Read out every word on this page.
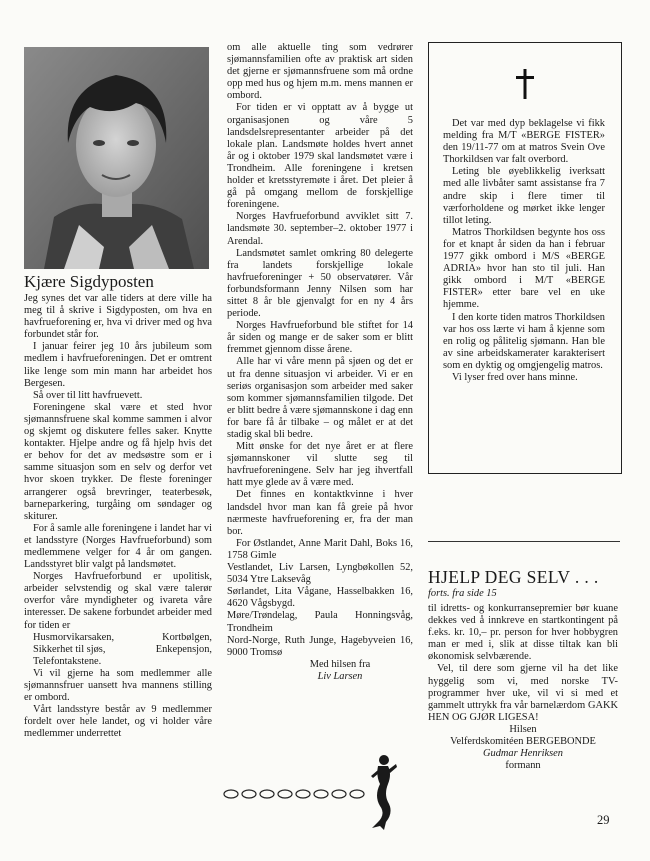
Kjære Sigdyposten

Jeg synes det var alle tiders at dere ville ha meg til å skrive i Sigdyposten, om hva en havfrueforening er, hva vi driver med og hva forbundet står for.

I januar feirer jeg 10 års jubileum som medlem i havfrueforeningen. Det er omtrent like lenge som min mann har arbeidet hos Bergesen.

Så over til litt havfruevett.

Foreningene skal være et sted hvor sjømannsfruene skal komme sammen i alvor og skjemt og diskutere felles saker. Knytte kontakter. Hjelpe andre og få hjelp hvis det er behov for det av medsøstre som er i samme situasjon som en selv og derfor vet hvor skoen trykker. De fleste foreninger arrangerer også brevringer, teaterbesøk, barneparkering, turgåing om søndager og skiturer.

For å samle alle foreningene i landet har vi et landsstyre (Norges Havfrueforbund) som medlemmene velger for 4 år om gangen. Landsstyret blir valgt på landsmøtet.

Norges Havfrueforbund er upolitisk, arbeider selvstendig og skal være talerør overfor våre myndigheter og ivareta våre interesser. De sakene forbundet arbeider med for tiden er

Husmorvikarsaken,	Kortbølgen,
Sikkerhet til sjøs,	Enkepensjon,
Telefontakstene.

Vi vil gjerne ha som medlemmer alle sjømannsfruer uansett hva mannens stilling er ombord.

Vårt landsstyre består av 9 medlemmer fordelt over hele landet, og vi holder våre medlemmer underrettet

om alle aktuelle ting som vedrører sjømannsfamilien ofte av praktisk art siden det gjerne er sjømannsfruene som må ordne opp med hus og hjem m.m. mens mannen er ombord.

For tiden er vi opptatt av å bygge ut organisasjonen og våre 5 landsdelsrepresentanter arbeider på det lokale plan. Landsmøte holdes hvert annet år og i oktober 1979 skal landsmøtet være i Trondheim. Alle foreningene i kretsen holder et kretsstyremøte i året. Det pleier å gå på omgang mellom de forskjellige foreningene.

Norges Havfrueforbund avviklet sitt 7. landsmøte 30. september–2. oktober 1977 i Arendal.

Landsmøtet samlet omkring 80 delegerte fra landets forskjellige lokale havfrueforeninger + 50 observatører. Vår forbundsformann Jenny Nilsen som har sittet 8 år ble gjenvalgt for en ny 4 års periode.

Norges Havfrueforbund ble stiftet for 14 år siden og mange er de saker som er blitt fremmet gjennom disse årene.

Alle har vi våre menn på sjøen og det er ut fra denne situasjon vi arbeider. Vi er en seriøs organisasjon som arbeider med saker som kommer sjømannsfamilien tilgode. Det er blitt bedre å være sjømannskone i dag enn for bare få år tilbake – og målet er at det stadig skal bli bedre.

Mitt ønske for det nye året er at flere sjømannskoner vil slutte seg til havfrueforeningene. Selv har jeg ihvertfall hatt mye glede av å være med.

Det finnes en kontaktkvinne i hver landsdel hvor man kan få greie på hvor nærmeste havfrueforening er, fra der man bor.

For Østlandet, Anne Marit Dahl, Boks 16, 1758 Gimle

Vestlandet, Liv Larsen, Lyngbøkollen 52, 5034 Ytre Laksevåg

Sørlandet, Lita Vågane, Hasselbakken 16, 4620 Vågsbygd.

Møre/Trøndelag, Paula Honningsvåg, Trondheim

Nord-Norge, Ruth Junge, Hagebyveien 16, 9000 Tromsø

Med hilsen fra

Liv Larsen

Det var med dyp beklagelse vi fikk melding fra M/T «BERGE FISTER» den 19/11-77 om at matros Svein Ove Thorkildsen var falt overbord.

Leting ble øyeblikkelig iverksatt med alle livbåter samt assistanse fra 7 andre skip i flere timer til værforholdene og mørket ikke lenger tillot leting.

Matros Thorkildsen begynte hos oss for et knapt år siden da han i februar 1977 gikk ombord i M/S «BERGE ADRIA» hvor han sto til juli. Han gikk ombord i M/T «BERGE FISTER» etter bare vel en uke hjemme.

I den korte tiden matros Thorkildsen var hos oss lærte vi ham å kjenne som en rolig og pålitelig sjømann. Han ble av sine arbeidskamerater karakterisert som en dyktig og omgjengelig matros.

Vi lyser fred over hans minne.

HJELP DEG SELV . . .
forts. fra side 15

til idretts- og konkurransepremier bør kuane dekkes ved å innkreve en startkontingent på f.eks. kr. 10,– pr. person for hver hobbygren man er med i, slik at disse tiltak kan bli økonomisk selvbærende.

Vel, til dere som gjerne vil ha det like hyggelig som vi, med norske TV-programmer hver uke, vil vi si med et gammelt uttrykk fra vår barnelærdom GAKK HEN OG GJØR LIGESA!

Hilsen

Velferdskomitéen BERGEBONDE

Gudmar Henriksen

formann

29
